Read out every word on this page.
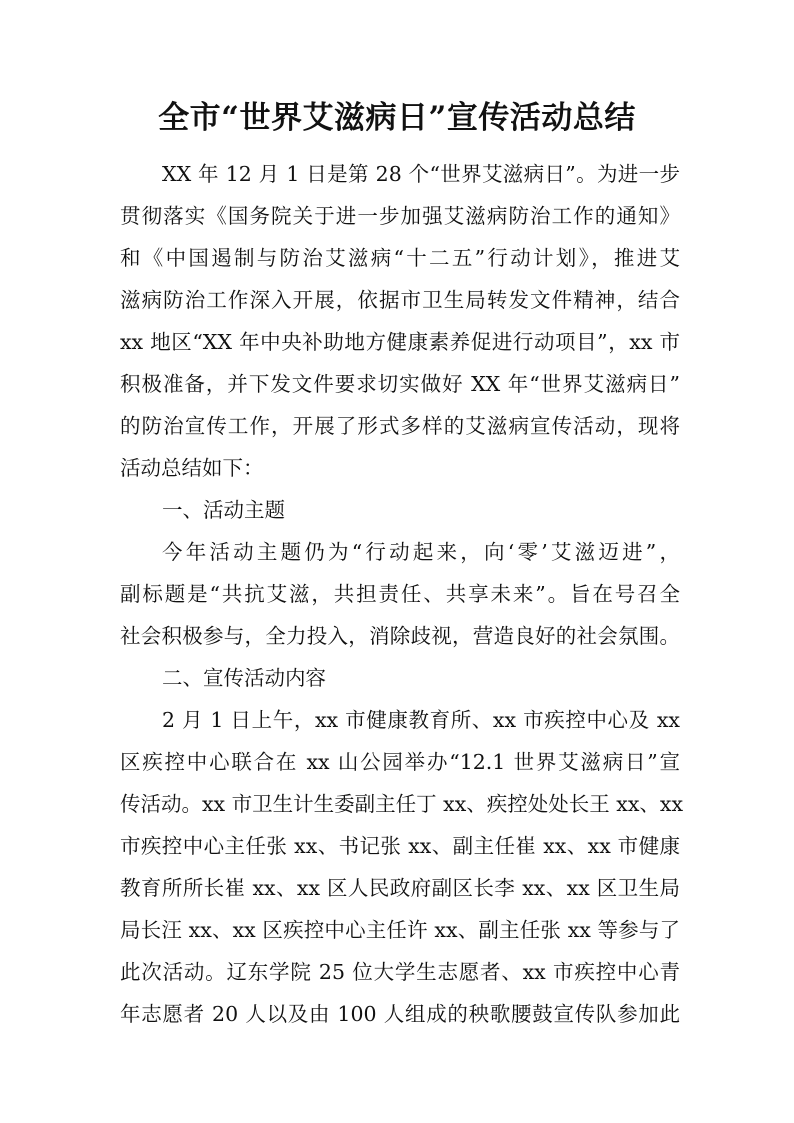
全市“世界艾滋病日”宣传活动总结

XX 年 12 月 1 日是第 28 个“世界艾滋病日”。为进一步

贯彻落实《国务院关于进一步加强艾滋病防治工作的通知》

和《中国遏制与防治艾滋病“十二五”行动计划》，推进艾

滋病防治工作深入开展，依据市卫生局转发文件精神，结合

xx 地区“XX 年中央补助地方健康素养促进行动项目”，xx 市

积极准备，并下发文件要求切实做好 XX 年“世界艾滋病日”

的防治宣传工作，开展了形式多样的艾滋病宣传活动，现将

活动总结如下：

一、活动主题

今年活动主题仍为“行动起来，向‘零’艾滋迈进”，

副标题是“共抗艾滋，共担责任、共享未来”。旨在号召全

社会积极参与，全力投入，消除歧视，营造良好的社会氛围。

二、宣传活动内容

2 月 1 日上午，xx 市健康教育所、xx 市疾控中心及 xx

区疾控中心联合在 xx 山公园举办“12.1 世界艾滋病日”宣

传活动。xx 市卫生计生委副主任丁 xx、疾控处处长王 xx、xx

市疾控中心主任张 xx、书记张 xx、副主任崔 xx、xx 市健康

教育所所长崔 xx、xx 区人民政府副区长李 xx、xx 区卫生局

局长汪 xx、xx 区疾控中心主任许 xx、副主任张 xx 等参与了

此次活动。辽东学院 25 位大学生志愿者、xx 市疾控中心青

年志愿者 20 人以及由 100 人组成的秧歌腰鼓宣传队参加此
